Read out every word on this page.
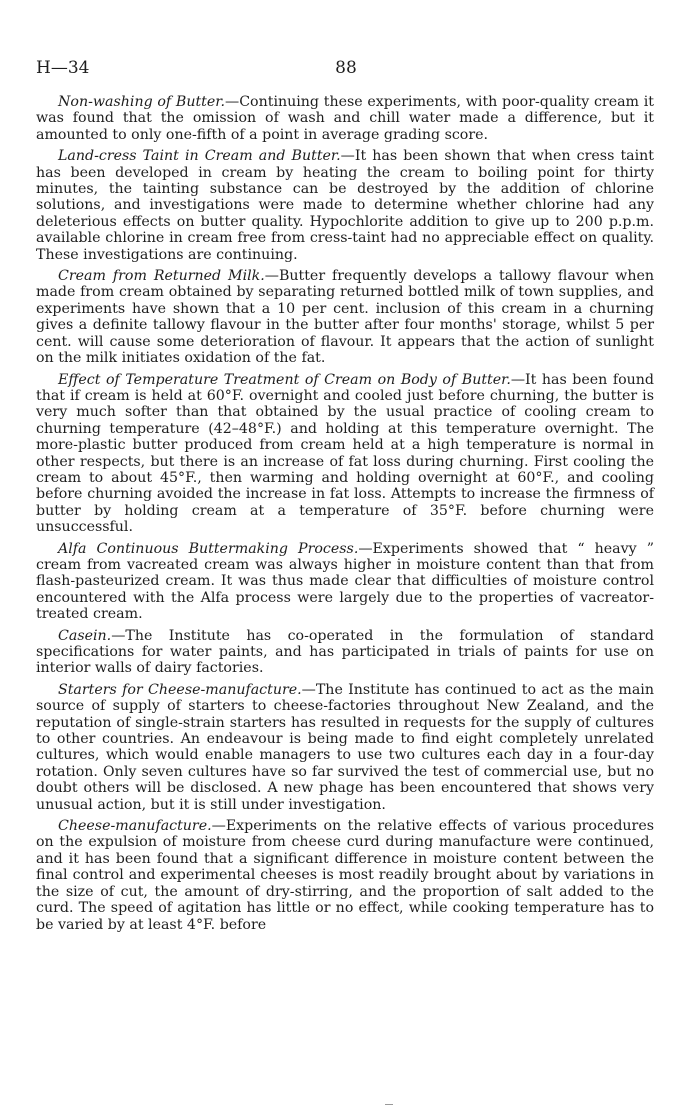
H—34	88

Non-washing of Butter.—Continuing these experiments, with poor-quality cream it was found that the omission of wash and chill water made a difference, but it amounted to only one-fifth of a point in average grading score.

Land-cress Taint in Cream and Butter.—It has been shown that when cress taint has been developed in cream by heating the cream to boiling point for thirty minutes, the tainting substance can be destroyed by the addition of chlorine solutions, and investigations were made to determine whether chlorine had any deleterious effects on butter quality. Hypochlorite addition to give up to 200 p.p.m. available chlorine in cream free from cress-taint had no appreciable effect on quality. These investigations are continuing.

Cream from Returned Milk.—Butter frequently develops a tallowy flavour when made from cream obtained by separating returned bottled milk of town supplies, and experiments have shown that a 10 per cent. inclusion of this cream in a churning gives a definite tallowy flavour in the butter after four months' storage, whilst 5 per cent. will cause some deterioration of flavour. It appears that the action of sunlight on the milk initiates oxidation of the fat.

Effect of Temperature Treatment of Cream on Body of Butter.—It has been found that if cream is held at 60°F. overnight and cooled just before churning, the butter is very much softer than that obtained by the usual practice of cooling cream to churning temperature (42–48°F.) and holding at this temperature overnight. The more-plastic butter produced from cream held at a high temperature is normal in other respects, but there is an increase of fat loss during churning. First cooling the cream to about 45°F., then warming and holding overnight at 60°F., and cooling before churning avoided the increase in fat loss. Attempts to increase the firmness of butter by holding cream at a temperature of 35°F. before churning were unsuccessful.

Alfa Continuous Buttermaking Process.—Experiments showed that “ heavy ” cream from vacreated cream was always higher in moisture content than that from flash-pasteurized cream. It was thus made clear that difficulties of moisture control encountered with the Alfa process were largely due to the properties of vacreator-treated cream.

Casein.—The Institute has co-operated in the formulation of standard specifications for water paints, and has participated in trials of paints for use on interior walls of dairy factories.

Starters for Cheese-manufacture.—The Institute has continued to act as the main source of supply of starters to cheese-factories throughout New Zealand, and the reputation of single-strain starters has resulted in requests for the supply of cultures to other countries. An endeavour is being made to find eight completely unrelated cultures, which would enable managers to use two cultures each day in a four-day rotation. Only seven cultures have so far survived the test of commercial use, but no doubt others will be disclosed. A new phage has been encountered that shows very unusual action, but it is still under investigation.

Cheese-manufacture.—Experiments on the relative effects of various procedures on the expulsion of moisture from cheese curd during manufacture were continued, and it has been found that a significant difference in moisture content between the final control and experimental cheeses is most readily brought about by variations in the size of cut, the amount of dry-stirring, and the proportion of salt added to the curd. The speed of agitation has little or no effect, while cooking temperature has to be varied by at least 4°F. before
